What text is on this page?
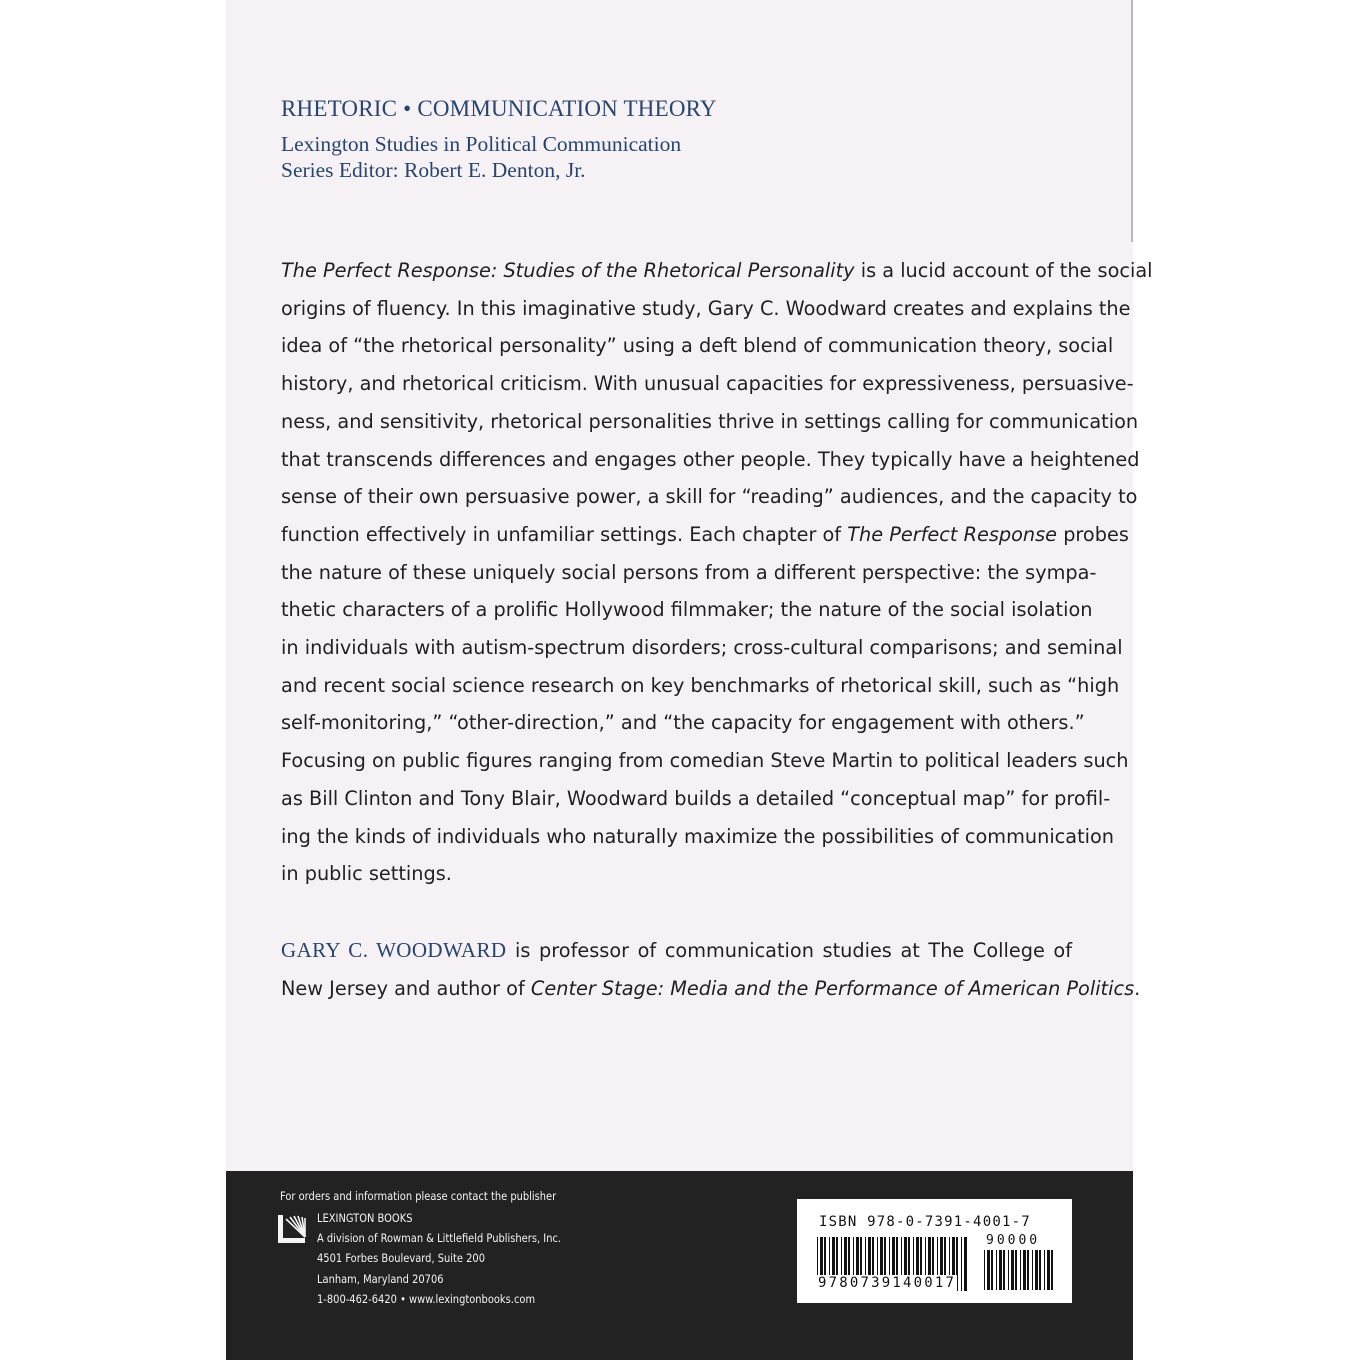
RHETORIC • COMMUNICATION THEORY
Lexington Studies in Political Communication
Series Editor: Robert E. Denton, Jr.
The Perfect Response: Studies of the Rhetorical Personality is a lucid account of the social
origins of fluency. In this imaginative study, Gary C. Woodward creates and explains the
idea of “the rhetorical personality” using a deft blend of communication theory, social
history, and rhetorical criticism. With unusual capacities for expressiveness, persuasive-
ness, and sensitivity, rhetorical personalities thrive in settings calling for communication
that transcends differences and engages other people. They typically have a heightened
sense of their own persuasive power, a skill for “reading” audiences, and the capacity to
function effectively in unfamiliar settings. Each chapter of The Perfect Response probes
the nature of these uniquely social persons from a different perspective: the sympa-
thetic characters of a prolific Hollywood filmmaker; the nature of the social isolation
in individuals with autism-spectrum disorders; cross-cultural comparisons; and seminal
and recent social science research on key benchmarks of rhetorical skill, such as “high
self-monitoring,” “other-direction,” and “the capacity for engagement with others.”
Focusing on public figures ranging from comedian Steve Martin to political leaders such
as Bill Clinton and Tony Blair, Woodward builds a detailed “conceptual map” for profil-
ing the kinds of individuals who naturally maximize the possibilities of communication
in public settings.
GARY C. WOODWARD is professor of communication studies at The College of
New Jersey and author of Center Stage: Media and the Performance of American Politics.
For orders and information please contact the publisher
LEXINGTON BOOKS
A division of Rowman & Littlefield Publishers, Inc.
4501 Forbes Boulevard, Suite 200
Lanham, Maryland 20706
1-800-462-6420 • www.lexingtonbooks.com
ISBN 978-0-7391-4001-7
90000
9780739140017
